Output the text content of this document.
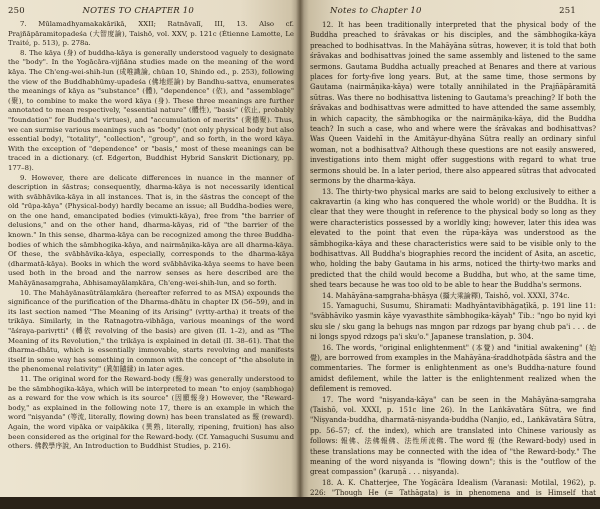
250	NOTES TO CHAPTER 10

7. Mūlamadhyamakakārikā, XXII; Ratnāvalī, III, 13. Also cf. Prajñāpāramitopadeśa (大智度論), Taishō, vol. XXV, p. 121c (Étienne Lamotte, Le Traité, p. 513), p. 278a.

8. The kāya (身) of buddha-kāya is generally understood vaguely to designate the "body". In the Yogācāra-vijñāna studies made on the meaning of the word kāya. The Ch'eng-wei-shih-lun (成唯識論, chüan 10, Shindo ed., p. 253), following the view of the Buddhabhūmy-upadeśa (佛地經論) by Bandhu-sattva, enumerates the meanings of kāya as "substance" (體), "dependence" (依), and "assemblage" (聚), to combine to make the word kāya (身). These three meanings are further annotated to mean respectively, "essential nature" (體性), "basis" (依止, probably "foundation" for Buddha's virtues), and "accumulation of merits" (衆德聚). Thus, we can surmise various meanings such as "body" (not only physical body but also essential body), "totality", "collection", "group", and so forth, in the word kāya. With the exception of "dependence" or "basis," most of these meanings can be traced in a dictionary. (cf. Edgerton, Buddhist Hybrid Sanskrit Dictionary, pp. 177–8).

9. However, there are delicate differences in nuance in the manner of description in śāstras; consequently, dharma-kāya is not necessarily identical with svābhāvika-kāya in all instances. That is, in the śāstras the concept of the old "rūpa-kāya" (Physical-body) hardly became an issue; all Buddha-bodies were, on the one hand, emancipated bodies (vimukti-kāya), free from "the barrier of delusions," and on the other hand, dharma-kāyas, rid of "the barrier of the known." In this sense, dharma-kāya can be recognized among the three Buddha-bodies of which the sāmbhogika-kāya, and nairmāṇika-kāya are all dharma-kāya. Of these, the svābhāvika-kāya, especially, corresponds to the dharma-kāya (dharmatā-kāya). Books in which the word svābhāvika-kāya seems to have been used both in the broad and the narrow senses as here described are the Mahāyānasaṃgraha, Abhisamayālaṃkāra, Ch'eng-wei-shih-lun, and so forth.

10. The Mahāyānasūtrālaṃkāra (hereafter referred to as MSA) expounds the significance of the purification of the Dharma-dhātu in chapter IX (56–59), and in its last section named "The Meaning of its Arising" (vṛtty-artha) it treats of the trikāya. Similarly, in the Ratnagotra-vibhāga, various meanings of the word "āśraya-parivṛtti" (轉依 revolving of the basis) are given (II. 1–2), and as "The Meaning of its Revolution," the trikāya is explained in detail (II. 38–61). That the dharma-dhātu, which is essentially immovable, starts revolving and manifests itself in some way has something in common with the concept of "the absolute in the phenomenal relativity" (眞如隨縁) in later ages.

11. The original word for the Reward-body (報身) was generally understood to be the sāmbhogika-kāya, which will be interpreted to mean "to enjoy (saṃbhoga) as a reward for the vow which is its source" (因願報身) However, the "Reward-body," as explained in the following note 17, there is an example in which the word "niṣyanda" (等流, literally, flowing down) has been translated as 報 (reward). Again, the word vipāka or vaipākika (異熟, literally, ripening, fruition) has also been considered as the original for the Reward-body. (Cf. Yamaguchi Susumu and others. 佛教學序說, An Introduction to Buddhist Studies, p. 216).

Notes to Chapter 10	251

12. It has been traditionally interpreted that the physical body of the Buddha preached to śrāvakas or his disciples, and the sāmbhogika-kāya preached to bodhisattvas. In the Mahāyāna sūtras, however, it is told that both śrāvakas and bodhisattvas joined the same assembly and listened to the same sermons. Gautama Buddha actually preached at Benares and there at various places for forty-five long years. But, at the same time, those sermons by Gautama (nairmāṇika-kāya) were totally annihilated in the Prajñāpāramitā sūtras. Was there no bodhisattva listening to Gautama's preaching? If both the śrāvakas and bodhisattvas were admitted to have attended the same assembly, in which capacity, the sāmbhogika or the nairmāṇika-kāya, did the Buddha teach? In such a case, who and where were the śrāvakas and bodhisattvas? Was Queen Vaidehī in the Amitāyur-dhyāna Sūtra really an ordinary sinful woman, not a bodhisattva? Although these questions are not easily answered, investigations into them might offer suggestions with regard to what true sermons should be. In a later period, there also appeared sūtras that advocated sermons by the dharma-kāya.

13. The thirty-two physical marks are said to belong exclusively to either a cakravartin (a king who has conquered the whole world) or the Buddha. It is clear that they were thought in reference to the physical body so long as they were characteristics possessed by a worldly king; however, later this idea was elevated to the point that even the rūpa-kāya was understood as the sāmbhogika-kāya and these characteristics were said to be visible only to the bodhisattvas. All Buddha's biographies record the incident of Asita, an ascetic, who, holding the baby Gautama in his arms, noticed the thirty-two marks and predicted that the child would become a Buddha, but who, at the same time, shed tears because he was too old to be able to hear the Buddha's sermons.

14. Mahāyāna-saṃgraha-bhāṣya (攝大乘論釋), Taishō, vol. XXXI, 374c.

15. Yamaguchi, Susumu, Shiramati: Madhyāntavibhāgaṭīkā, p. 191 line 11: "svābhāviko yasmin kāye vyavasthite sāmbhogika-kāyaḥ" Tib.: "ngo bo nyid kyi sku sle / sku gang la behugs nas mngon par rdzogs par byang chub pa'i . . . de ni longs spyod rdzogs pa'i sku'o." Japanese translation, p. 304.

16. The words, "original enlightenment" (本覺) and "initial awakening" (始覺), are borrowed from examples in the Mahāyāna-śraddhotpāda śāstra and the commentaries. The former is enlightenment as one's Buddha-nature found amidst defilement, while the latter is the enlightenment realized when the defilement is removed.

17. The word "niṣyanda-kāya" can be seen in the Mahāyāna-saṃgraha (Taishō, vol. XXXI, p. 151c line 26). In the Laṅkāvatāra Sūtra, we find "Niṣyanda-buddha, dharmatā-niṣyanda-buddha (Nanjio, ed., Laṅkāvatāra Sūtra, pp. 56–57; cf. the index), which are translated into Chinese variously as follows: 報佛、法佛報佛、法性所流佛. The word 報 (the Reward-body) used in these translations may be connected with the idea of "the Reward-body." The meaning of the word niṣyanda is "flowing down"; this is the "outflow of the great compassion" (karuṇā . . . niṣyanda).

18. A. K. Chatterjee, The Yogācāra Idealism (Varanasi: Motilal, 1962), p. 226: "Though He (= Tathāgata) is in phenomena and is Himself that phenomenon,"
